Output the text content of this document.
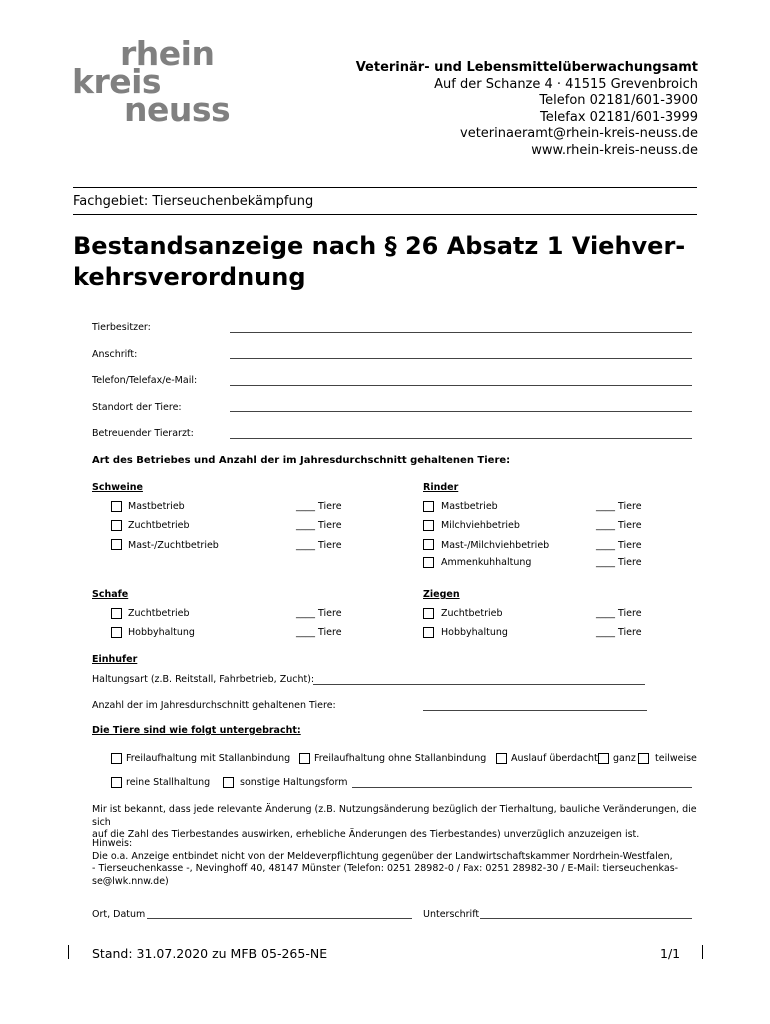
rhein
kreis
neuss
Veterinär- und Lebensmittelüberwachungsamt
Auf der Schanze 4 · 41515 Grevenbroich
Telefon 02181/601-3900
Telefax 02181/601-3999
veterinaeramt@rhein-kreis-neuss.de
www.rhein-kreis-neuss.de
Fachgebiet: Tierseuchenbekämpfung
Bestandsanzeige nach § 26 Absatz 1 Viehver-
kehrsverordnung
Tierbesitzer:
Anschrift:
Telefon/Telefax/e-Mail:
Standort der Tiere:
Betreuender Tierarzt:
Art des Betriebes und Anzahl der im Jahresdurchschnitt gehaltenen Tiere:
Schweine
Mastbetrieb	____ Tiere
Zuchtbetrieb	____ Tiere
Mast-/Zuchtbetrieb	____ Tiere
Rinder
Mastbetrieb	____ Tiere
Milchviehbetrieb	____ Tiere
Mast-/Milchviehbetrieb	____ Tiere
Ammenkuhhaltung	____ Tiere
Schafe
Zuchtbetrieb	____ Tiere
Hobbyhaltung	____ Tiere
Ziegen
Zuchtbetrieb	____ Tiere
Hobbyhaltung	____ Tiere
Einhufer
Haltungsart (z.B. Reitstall, Fahrbetrieb, Zucht):
Anzahl der im Jahresdurchschnitt gehaltenen Tiere:
Die Tiere sind wie folgt untergebracht:
Freilaufhaltung mit Stallanbindung	Freilaufhaltung ohne Stallanbindung	Auslauf überdacht ganz teilweise
reine Stallhaltung	sonstige Haltungsform
Mir ist bekannt, dass jede relevante Änderung (z.B. Nutzungsänderung bezüglich der Tierhaltung, bauliche Veränderungen, die sich
auf die Zahl des Tierbestandes auswirken, erhebliche Änderungen des Tierbestandes) unverzüglich anzuzeigen ist.
Hinweis:
Die o.a. Anzeige entbindet nicht von der Meldeverpflichtung gegenüber der Landwirtschaftskammer Nordrhein-Westfalen,
- Tierseuchenkasse -, Nevinghoff 40, 48147 Münster (Telefon: 0251 28982-0 / Fax: 0251 28982-30 / E-Mail: tierseuchenkas-
se@lwk.nnw.de)
Ort, Datum	Unterschrift
Stand: 31.07.2020 zu MFB 05-265-NE	1/1
